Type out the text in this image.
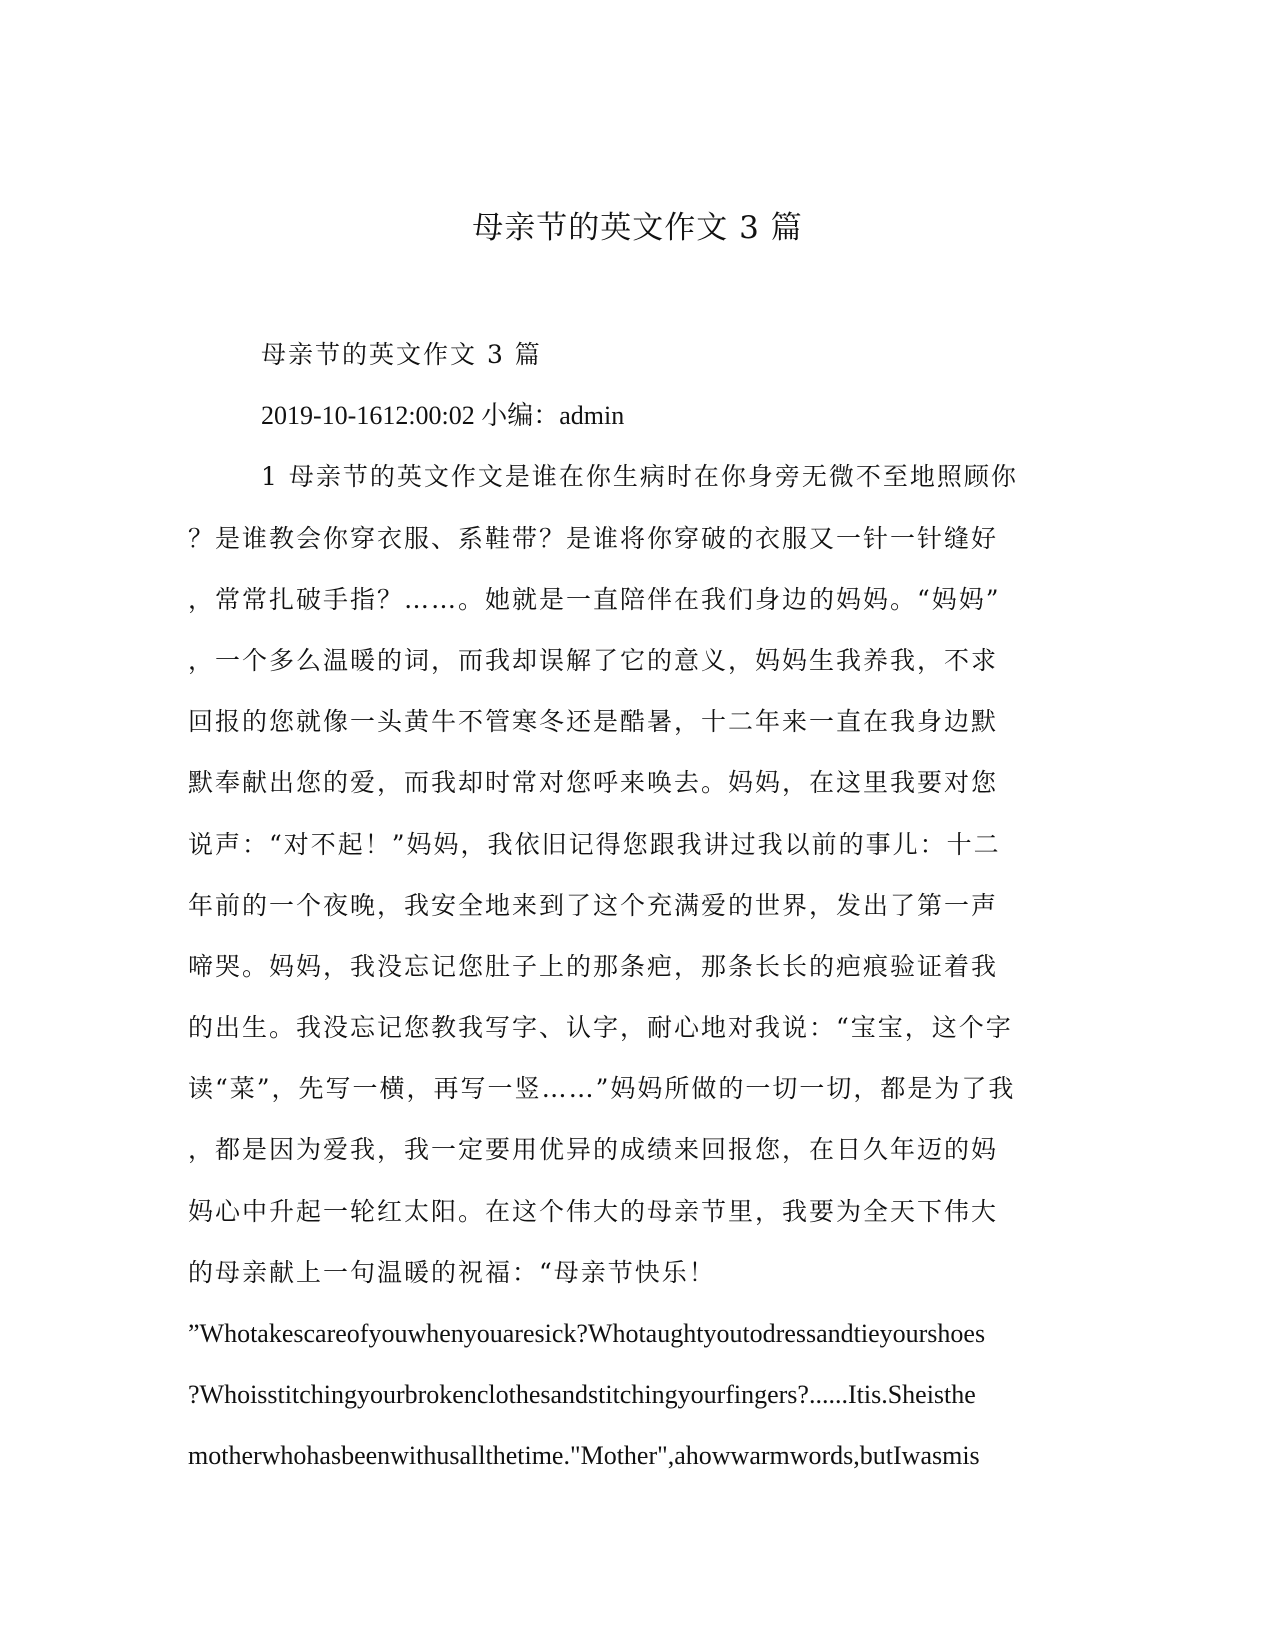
母亲节的英文作文 3 篇
母亲节的英文作文 3 篇
2019-10-1612:00:02 小编：admin
1 母亲节的英文作文是谁在你生病时在你身旁无微不至地照顾你
？是谁教会你穿衣服、系鞋带？是谁将你穿破的衣服又一针一针缝好
，常常扎破手指？……。她就是一直陪伴在我们身边的妈妈。“妈妈”
，一个多么温暖的词，而我却误解了它的意义，妈妈生我养我，不求
回报的您就像一头黄牛不管寒冬还是酷暑，十二年来一直在我身边默
默奉献出您的爱，而我却时常对您呼来唤去。妈妈，在这里我要对您
说声：“对不起！”妈妈，我依旧记得您跟我讲过我以前的事儿：十二
年前的一个夜晚，我安全地来到了这个充满爱的世界，发出了第一声
啼哭。妈妈，我没忘记您肚子上的那条疤，那条长长的疤痕验证着我
的出生。我没忘记您教我写字、认字，耐心地对我说：“宝宝，这个字
读“菜”，先写一横，再写一竖……”妈妈所做的一切一切，都是为了我
，都是因为爱我，我一定要用优异的成绩来回报您，在日久年迈的妈
妈心中升起一轮红太阳。在这个伟大的母亲节里，我要为全天下伟大
的母亲献上一句温暖的祝福：“母亲节快乐！
”Whotakescareofyouwhenyouaresick?Whotaughtyoutodressandtieyourshoes
?Whoisstitchingyourbrokenclothesandstitchingyourfingers?......Itis.Sheisthe
motherwhohasbeenwithusallthetime."Mother",ahowwarmwords,butIwasmis
